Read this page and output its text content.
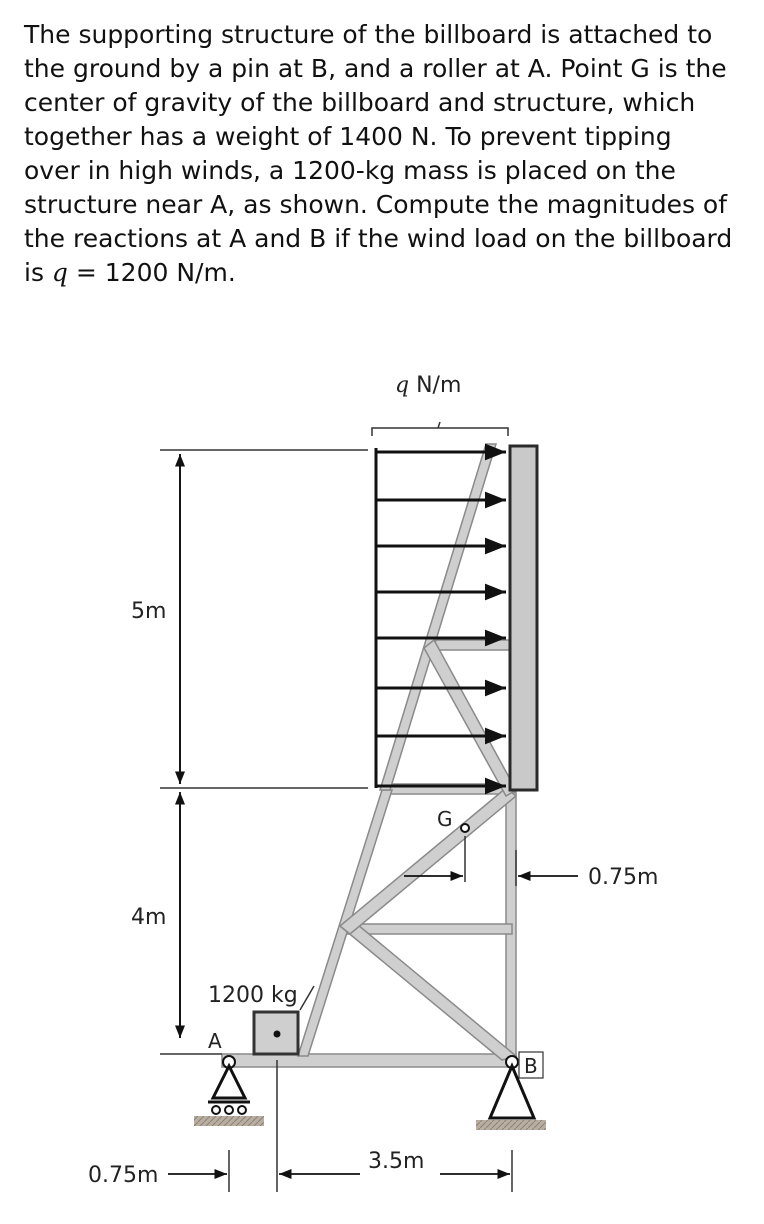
The supporting structure of the billboard is attached to
the ground by a pin at B, and a roller at A. Point G is the
center of gravity of the billboard and structure, which
together has a weight of 1400 N. To prevent tipping
over in high winds, a 1200-kg mass is placed on the
structure near A, as shown. Compute the magnitudes of
the reactions at A and B if the wind load on the billboard
is q = 1200 N/m.
q N/m
5m
4m
G
0.75m
1200 kg
A
B
0.75m
3.5m
